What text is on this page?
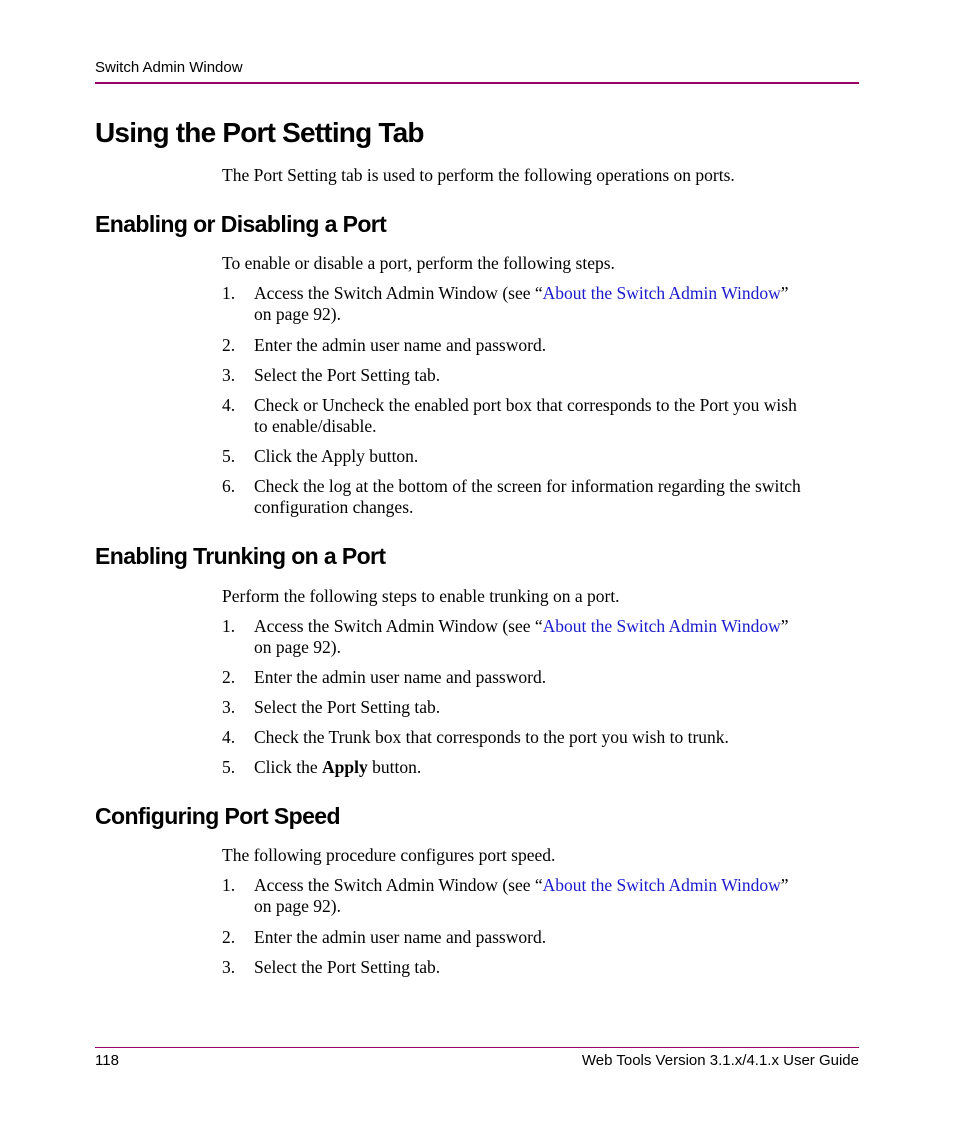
Switch Admin Window
Using the Port Setting Tab

The Port Setting tab is used to perform the following operations on ports.

Enabling or Disabling a Port

To enable or disable a port, perform the following steps.

1. Access the Switch Admin Window (see “About the Switch Admin Window”
on page 92).
2. Enter the admin user name and password.
3. Select the Port Setting tab.
4. Check or Uncheck the enabled port box that corresponds to the Port you wish
to enable/disable.
5. Click the Apply button.
6. Check the log at the bottom of the screen for information regarding the switch
configuration changes.
Enabling Trunking on a Port

Perform the following steps to enable trunking on a port.

1. Access the Switch Admin Window (see “About the Switch Admin Window”
on page 92).
2. Enter the admin user name and password.
3. Select the Port Setting tab.
4. Check the Trunk box that corresponds to the port you wish to trunk.
5. Click the Apply button.
Configuring Port Speed

The following procedure configures port speed.

1. Access the Switch Admin Window (see “About the Switch Admin Window”
on page 92).
2. Enter the admin user name and password.
3. Select the Port Setting tab.
118	Web Tools Version 3.1.x/4.1.x User Guide
